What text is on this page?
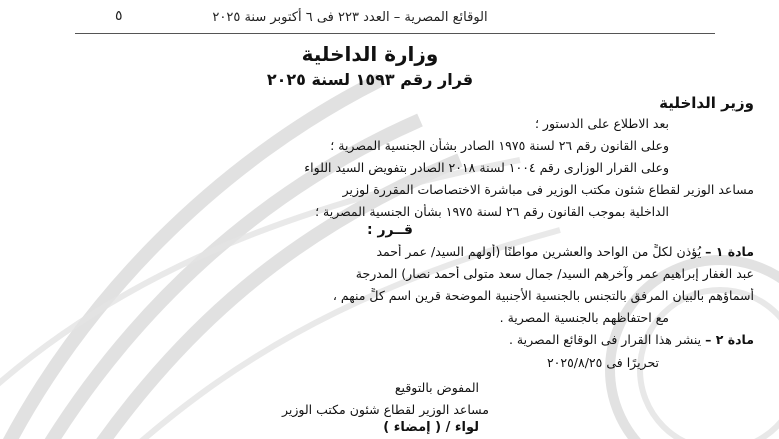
الوقائع المصرية – العدد ٢٢٣ فى ٦ أكتوبر سنة ٢٠٢٥
٥
وزارة الداخلية
قرار رقم ١٥٩٣ لسنة ٢٠٢٥
وزير الداخلية
بعد الاطلاع على الدستور ؛
وعلى القانون رقم ٢٦ لسنة ١٩٧٥ الصادر بشأن الجنسية المصرية ؛
وعلى القرار الوزارى رقم ١٠٠٤ لسنة ٢٠١٨ الصادر بتفويض السيد اللواء
مساعد الوزير لقطاع شئون مكتب الوزير فى مباشرة الاختصاصات المقررة لوزير
الداخلية بموجب القانون رقم ٢٦ لسنة ١٩٧٥ بشأن الجنسية المصرية ؛
قــرر :
مادة ١ – يُؤذن لكلٍّ من الواحد والعشرين مواطنًا (أولهم السيد/ عمر أحمد
عبد الغفار إبراهيم عمر وآخرهم السيد/ جمال سعد متولى أحمد نصار) المدرجة
أسماؤهم بالبيان المرفق بالتجنس بالجنسية الأجنبية الموضحة قرين اسم كلٍّ منهم ،
مع احتفاظهم بالجنسية المصرية .
مادة ٢ – ينشر هذا القرار فى الوقائع المصرية .
تحريرًا فى ٢٠٢٥/٨/٢٥
المفوض بالتوقيع
مساعد الوزير لقطاع شئون مكتب الوزير
لواء / ( إمضاء )
